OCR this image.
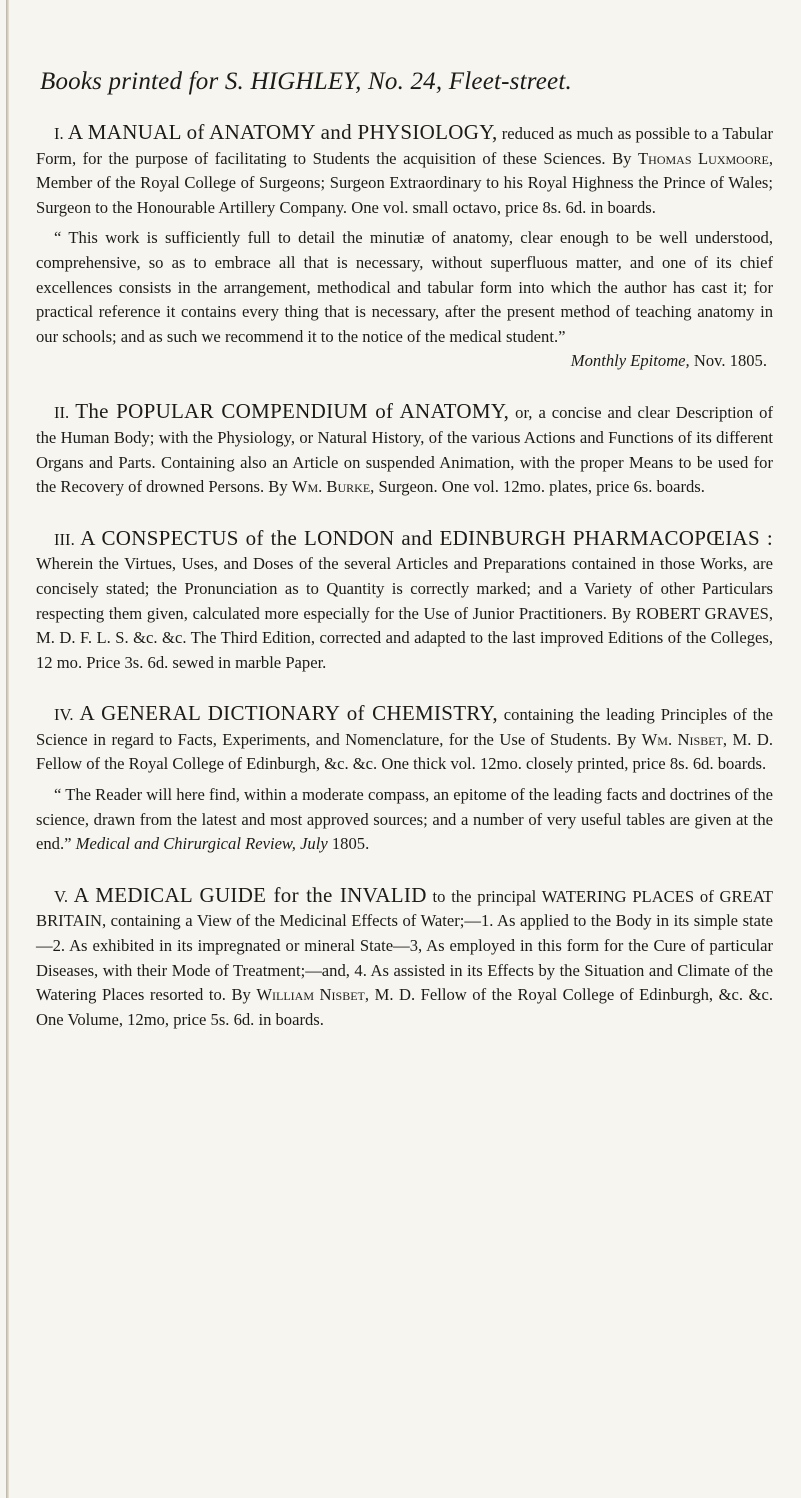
Books printed for S. HIGHLEY, No. 24, Fleet-street.

I. A MANUAL of ANATOMY and PHYSIOLOGY, reduced as much as possible to a Tabular Form, for the purpose of facilitating to Students the acquisition of these Sciences. By Thomas Luxmoore, Member of the Royal College of Surgeons; Surgeon Extraordinary to his Royal Highness the Prince of Wales; Surgeon to the Honourable Artillery Company. One vol. small octavo, price 8s. 6d. in boards.

“ This work is sufficiently full to detail the minutiæ of anatomy, clear enough to be well understood, comprehensive, so as to embrace all that is necessary, without superfluous matter, and one of its chief excellences consists in the arrangement, methodical and tabular form into which the author has cast it; for practical reference it contains every thing that is necessary, after the present method of teaching anatomy in our schools; and as such we recommend it to the notice of the medical student.”

Monthly Epitome, Nov. 1805.

II. The POPULAR COMPENDIUM of ANATOMY, or, a concise and clear Description of the Human Body; with the Physiology, or Natural History, of the various Actions and Functions of its different Organs and Parts. Containing also an Article on suspended Animation, with the proper Means to be used for the Recovery of drowned Persons. By Wm. Burke, Surgeon. One vol. 12mo. plates, price 6s. boards.

III. A CONSPECTUS of the LONDON and EDINBURGH PHARMACOPŒIAS : Wherein the Virtues, Uses, and Doses of the several Articles and Preparations contained in those Works, are concisely stated; the Pronunciation as to Quantity is correctly marked; and a Variety of other Particulars respecting them given, calculated more especially for the Use of Junior Practitioners. By ROBERT GRAVES, M. D. F. L. S. &c. &c. The Third Edition, corrected and adapted to the last improved Editions of the Colleges, 12 mo. Price 3s. 6d. sewed in marble Paper.

IV. A GENERAL DICTIONARY of CHEMISTRY, containing the leading Principles of the Science in regard to Facts, Experiments, and Nomenclature, for the Use of Students. By Wm. Nisbet, M. D. Fellow of the Royal College of Edinburgh, &c. &c. One thick vol. 12mo. closely printed, price 8s. 6d. boards.

“ The Reader will here find, within a moderate compass, an epitome of the leading facts and doctrines of the science, drawn from the latest and most approved sources; and a number of very useful tables are given at the end.” Medical and Chirurgical Review, July 1805.

V. A MEDICAL GUIDE for the INVALID to the principal WATERING PLACES of GREAT BRITAIN, containing a View of the Medicinal Effects of Water;—1. As applied to the Body in its simple state—2. As exhibited in its impregnated or mineral State—3, As employed in this form for the Cure of particular Diseases, with their Mode of Treatment;—and, 4. As assisted in its Effects by the Situation and Climate of the Watering Places resorted to. By William Nisbet, M. D. Fellow of the Royal College of Edinburgh, &c. &c. One Volume, 12mo, price 5s. 6d. in boards.
